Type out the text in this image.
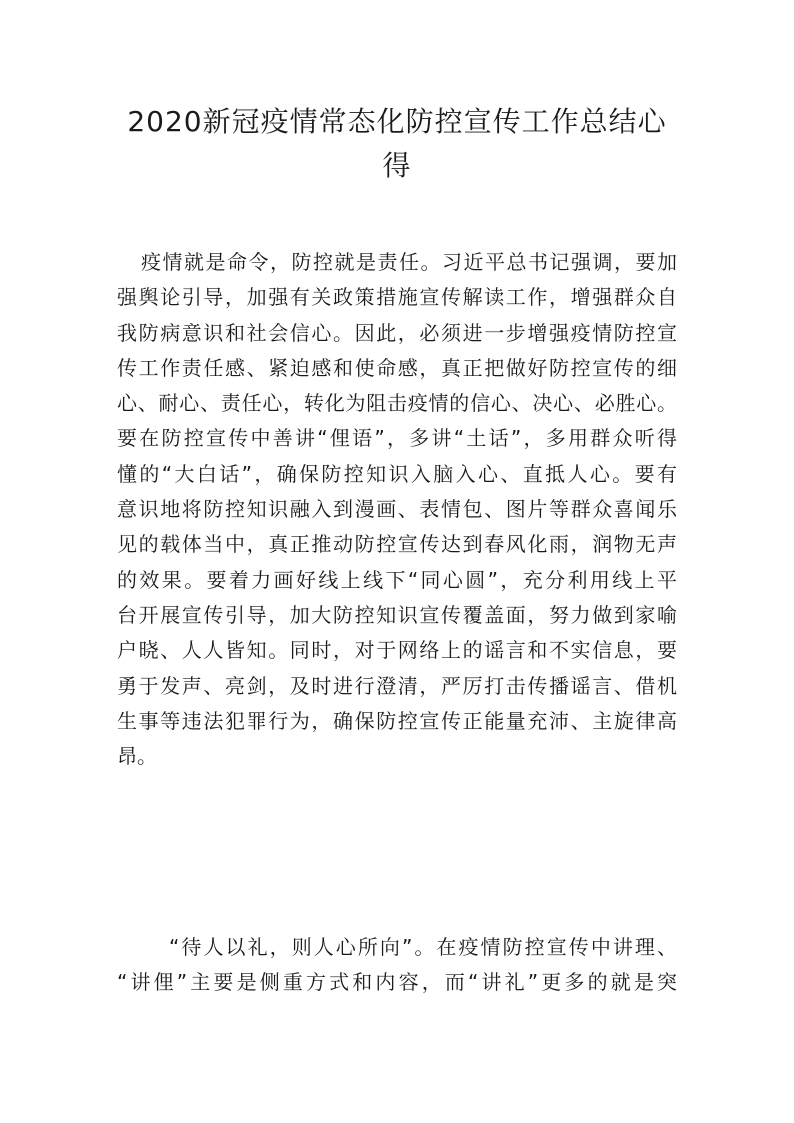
2020新冠疫情常态化防控宣传工作总结心
得
疫情就是命令，防控就是责任。习近平总书记强调，要加
强舆论引导，加强有关政策措施宣传解读工作，增强群众自
我防病意识和社会信心。因此，必须进一步增强疫情防控宣
传工作责任感、紧迫感和使命感，真正把做好防控宣传的细
心、耐心、责任心，转化为阻击疫情的信心、决心、必胜心。
要在防控宣传中善讲“俚语”，多讲“土话”，多用群众听得
懂的“大白话”，确保防控知识入脑入心、直抵人心。要有
意识地将防控知识融入到漫画、表情包、图片等群众喜闻乐
见的载体当中，真正推动防控宣传达到春风化雨，润物无声
的效果。要着力画好线上线下“同心圆”，充分利用线上平
台开展宣传引导，加大防控知识宣传覆盖面，努力做到家喻
户晓、人人皆知。同时，对于网络上的谣言和不实信息，要
勇于发声、亮剑，及时进行澄清，严厉打击传播谣言、借机
生事等违法犯罪行为，确保防控宣传正能量充沛、主旋律高
昂。
“待人以礼，则人心所向”。在疫情防控宣传中讲理、
“讲俚”主要是侧重方式和内容，而“讲礼”更多的就是突
